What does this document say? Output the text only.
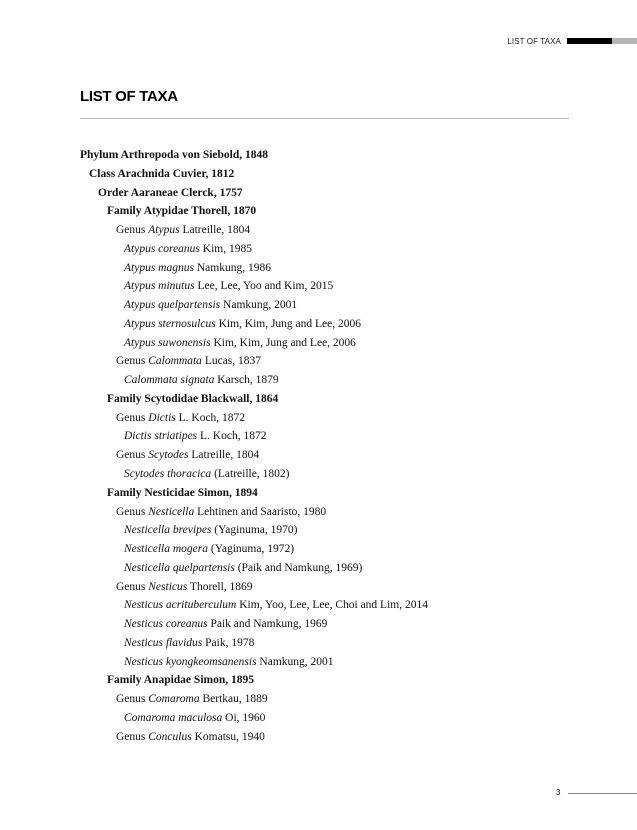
LIST OF TAXA
LIST OF TAXA
Phylum Arthropoda von Siebold, 1848
Class Arachnida Cuvier, 1812
Order Aaraneae Clerck, 1757
Family Atypidae Thorell, 1870
Genus Atypus Latreille, 1804
Atypus coreanus Kim, 1985
Atypus magnus Namkung, 1986
Atypus minutus Lee, Lee, Yoo and Kim, 2015
Atypus quelpartensis Namkung, 2001
Atypus sternosulcus Kim, Kim, Jung and Lee, 2006
Atypus suwonensis Kim, Kim, Jung and Lee, 2006
Genus Calommata Lucas, 1837
Calommata signata Karsch, 1879
Family Scytodidae Blackwall, 1864
Genus Dictis L. Koch, 1872
Dictis striatipes L. Koch, 1872
Genus Scytodes Latreille, 1804
Scytodes thoracica (Latreille, 1802)
Family Nesticidae Simon, 1894
Genus Nesticella Lehtinen and Saaristo, 1980
Nesticella brevipes (Yaginuma, 1970)
Nesticella mogera (Yaginuma, 1972)
Nesticella quelpartensis (Paik and Namkung, 1969)
Genus Nesticus Thorell, 1869
Nesticus acrituberculum Kim, Yoo, Lee, Lee, Choi and Lim, 2014
Nesticus coreanus Paik and Namkung, 1969
Nesticus flavidus Paik, 1978
Nesticus kyongkeomsanensis Namkung, 2001
Family Anapidae Simon, 1895
Genus Comaroma Bertkau, 1889
Comaroma maculosa Oi, 1960
Genus Conculus Komatsu, 1940
3
